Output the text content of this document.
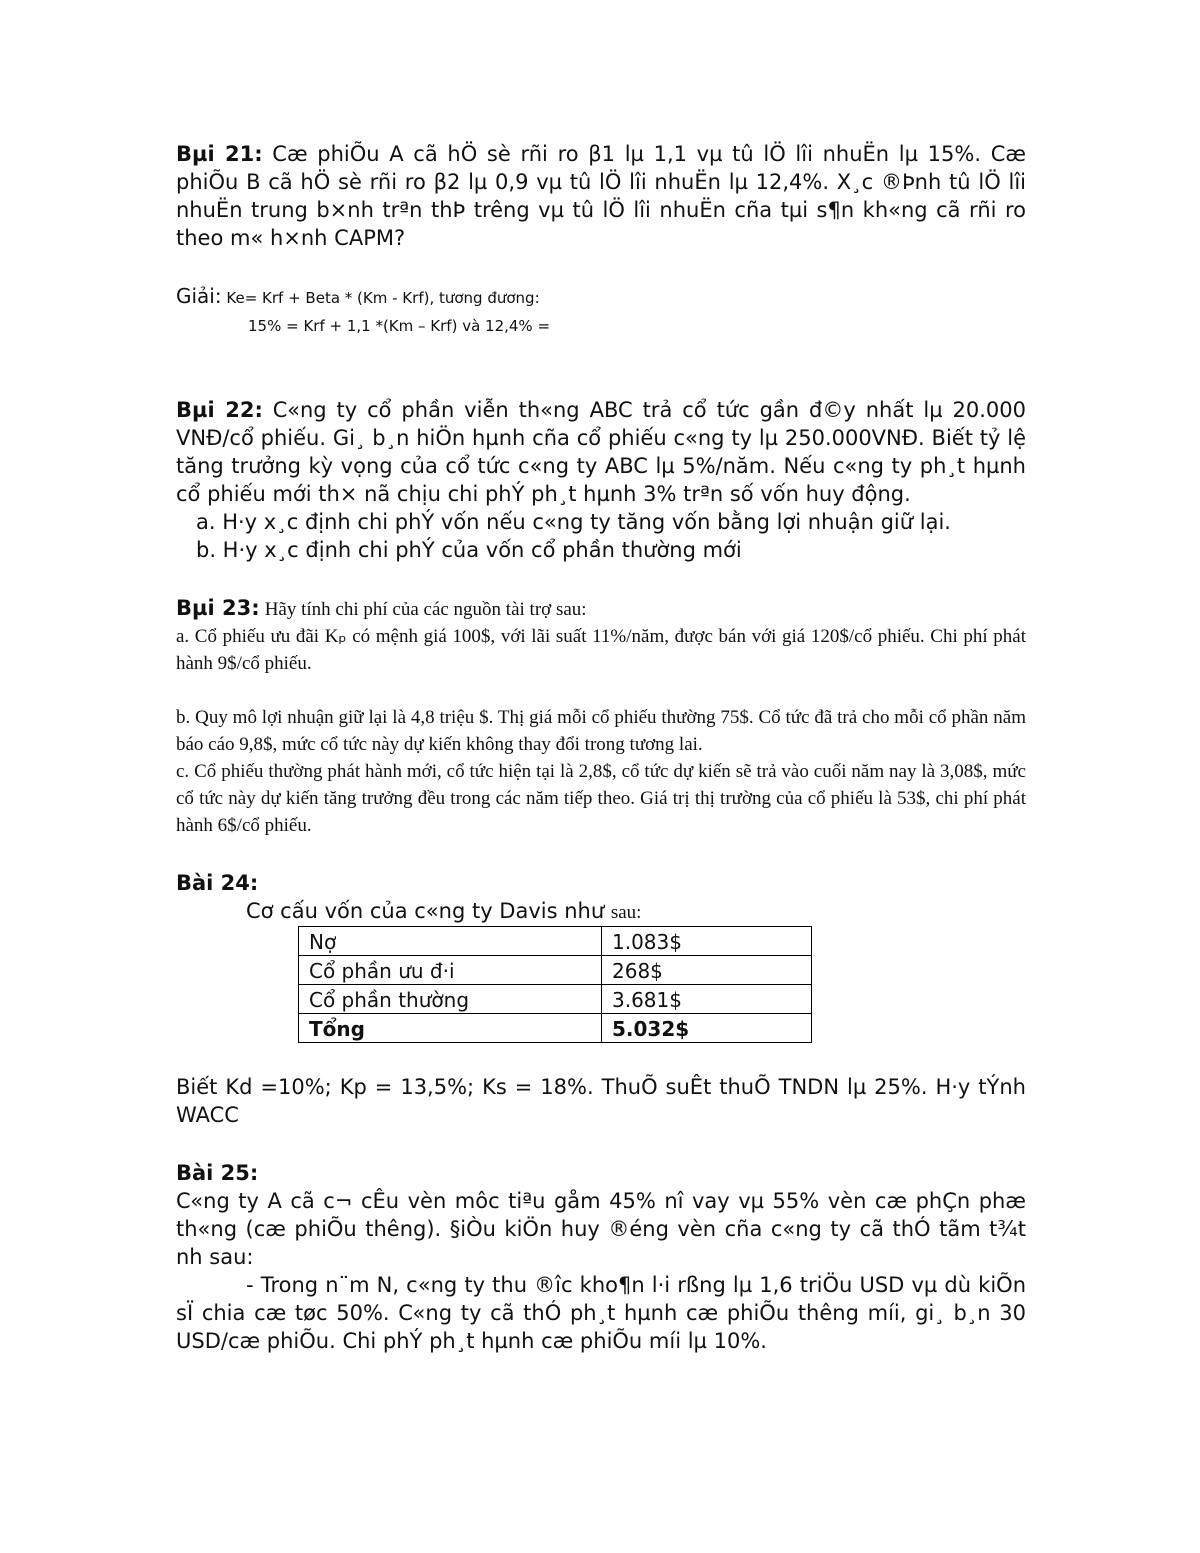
Bµi 21: Cæ phiÕu A cã hÖ sè rñi ro β1 lµ 1,1 vµ tû lÖ lîi nhuËn lµ 15%. Cæ phiÕu B cã hÖ sè rñi ro β2 lµ 0,9 vµ tû lÖ lîi nhuËn lµ 12,4%. X¸c ®Þnh tû lÖ lîi nhuËn trung b×nh trªn thÞ trêng vµ tû lÖ lîi nhuËn cña tµi s¶n kh«ng cã rñi ro theo m« h×nh CAPM?

Giải: Ke= Krf + Beta * (Km - Krf), tương đương:
15% = Krf + 1,1 *(Km – Krf) và 12,4% =

Bµi 22: C«ng ty cổ phần viễn th«ng ABC trả cổ tức gần đ©y nhất lµ 20.000 VNĐ/cổ phiếu. Gi¸ b¸n hiÖn hµnh cña cổ phiếu c«ng ty lµ 250.000VNĐ. Biết tỷ lệ tăng trưởng kỳ vọng của cổ tức c«ng ty ABC lµ 5%/năm. Nếu c«ng ty ph¸t hµnh cổ phiếu mới th× nã chịu chi phÝ ph¸t hµnh 3% trªn số vốn huy động.

a. H·y x¸c định chi phÝ vốn nếu c«ng ty tăng vốn bằng lợi nhuận giữ lại.

b. H·y x¸c định chi phÝ của vốn cổ phần thường mới

Bµi 23: Hãy tính chi phí của các nguồn tài trợ sau:

a. Cổ phiếu ưu đãi Kₚ có mệnh giá 100$, với lãi suất 11%/năm, được bán với giá 120$/cổ phiếu. Chi phí phát hành 9$/cổ phiếu.

b. Quy mô lợi nhuận giữ lại là 4,8 triệu $. Thị giá mỗi cổ phiếu thường 75$. Cổ tức đã trả cho mỗi cổ phần năm báo cáo 9,8$, mức cổ tức này dự kiến không thay đổi trong tương lai.

c. Cổ phiếu thường phát hành mới, cổ tức hiện tại là 2,8$, cổ tức dự kiến sẽ trả vào cuối năm nay là 3,08$, mức cổ tức này dự kiến tăng trưởng đều trong các năm tiếp theo. Giá trị thị trường của cổ phiếu là 53$, chi phí phát hành 6$/cổ phiếu.

Bài 24:

Cơ cấu vốn của c«ng ty Davis như sau:

Nợ	1.083$
Cổ phần ưu đ·i	268$
Cổ phần thường	3.681$
Tổng	5.032$

Biết Kd =10%; Kp = 13,5%; Ks = 18%. ThuÕ suÊt thuÕ TNDN lµ 25%. H·y tÝnh WACC

Bài 25:

C«ng ty A cã c¬ cÊu vèn môc tiªu gåm 45% nî vay vµ 55% vèn cæ phÇn phæ th«ng (cæ phiÕu thêng). §iÒu kiÖn huy ®éng vèn cña c«ng ty cã thÓ tãm t¾t nh sau:

- Trong n¨m N, c«ng ty thu ®îc kho¶n l·i rßng lµ 1,6 triÖu USD vµ dù kiÕn sÏ chia cæ tøc 50%. C«ng ty cã thÓ ph¸t hµnh cæ phiÕu thêng míi, gi¸ b¸n 30 USD/cæ phiÕu. Chi phÝ ph¸t hµnh cæ phiÕu míi lµ 10%.
